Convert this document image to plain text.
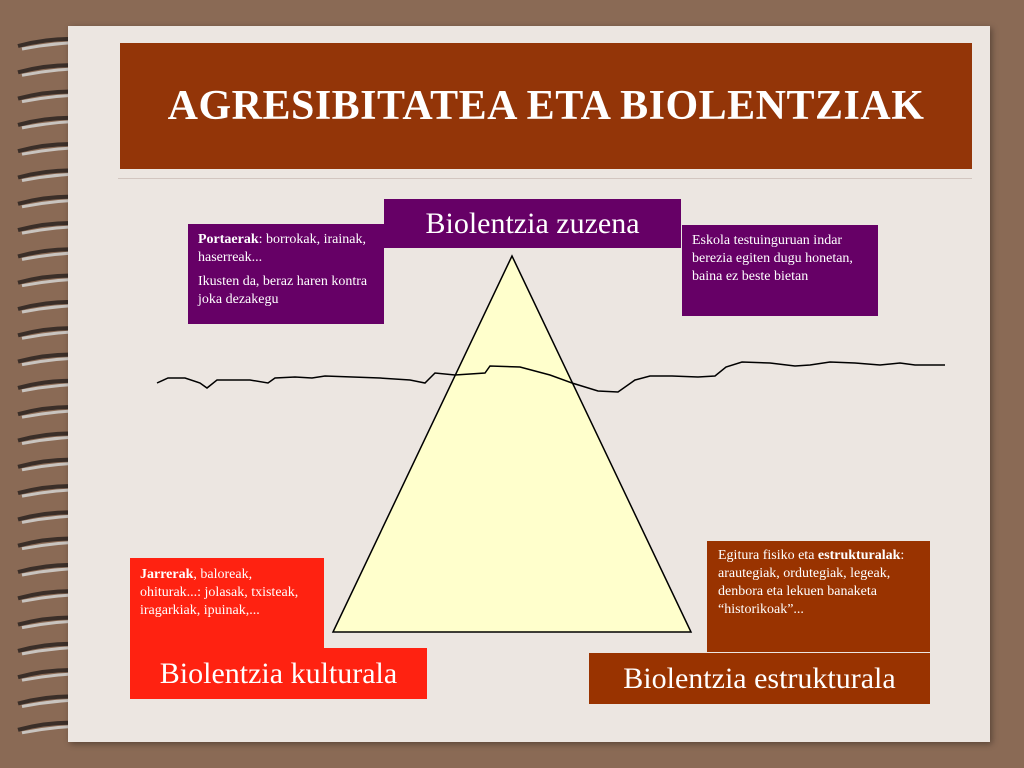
AGRESIBITATEA ETA BIOLENTZIAK
Biolentzia zuzena

Portaerak: borrokak, irainak, haserreak...

Ikusten da, beraz haren kontra joka dezakegu

Eskola testuinguruan indar berezia egiten dugu honetan, baina ez beste bietan

Jarrerak, baloreak, ohiturak...: jolasak, txisteak, iragarkiak, ipuinak,...

Biolentzia kulturala

Egitura fisiko eta estrukturalak: arautegiak, ordutegiak, legeak, denbora eta lekuen banaketa “historikoak”...

Biolentzia estrukturala
